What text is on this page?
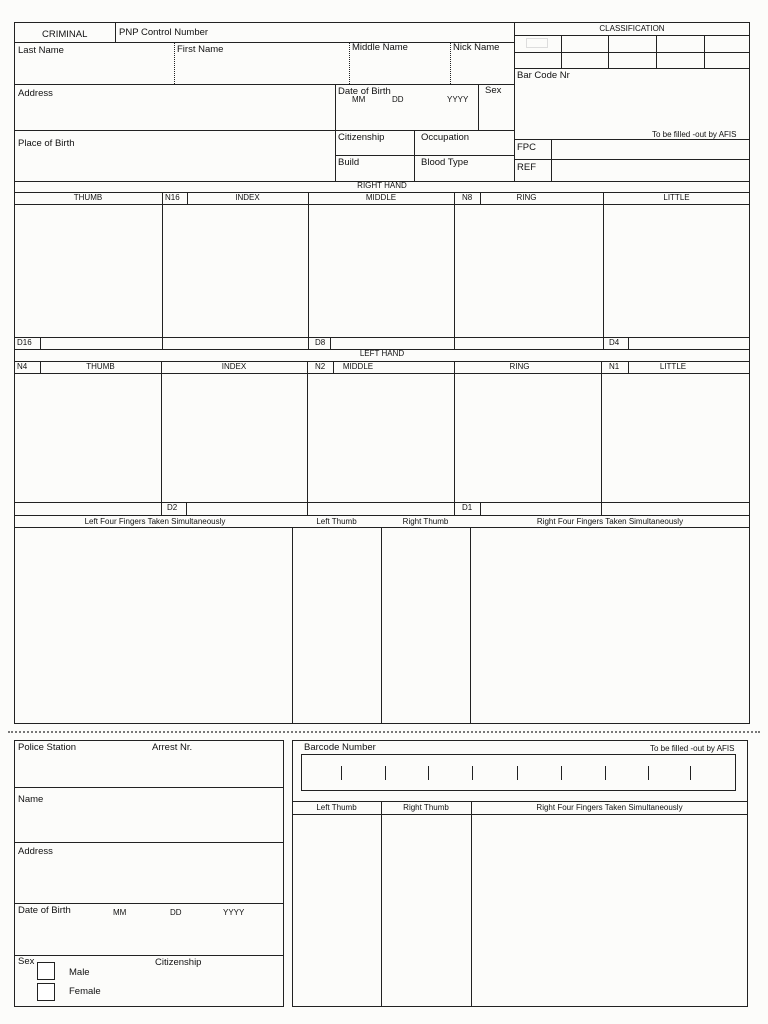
CRIMINAL	PNP Control Number	CLASSIFICATION
Bar Code Nr
To be filled -out by AFIS
FPC
REF
Last Name	First Name	Middle Name	Nick Name
Address	Date of Birth
MM	DD	YYYY
Sex
Place of Birth
Citizenship	Occupation
Build	Blood Type
RIGHT HAND
THUMB	N16	INDEX	MIDDLE	N8	RING	LITTLE
D16	D8	D4
LEFT HAND
N4	THUMB	INDEX	N2	MIDDLE	RING	N1	LITTLE
D2	D1
Left Four Fingers Taken Simultaneously	Left Thumb	Right Thumb	Right Four Fingers Taken Simultaneously
Police Station	Arrest Nr.
Name
Address
Date of Birth	MM	DD	YYYY
Sex	Citizenship
Male
Female
Barcode Number	To be filled -out by AFIS
Left Thumb	Right Thumb	Right Four Fingers Taken Simultaneously
